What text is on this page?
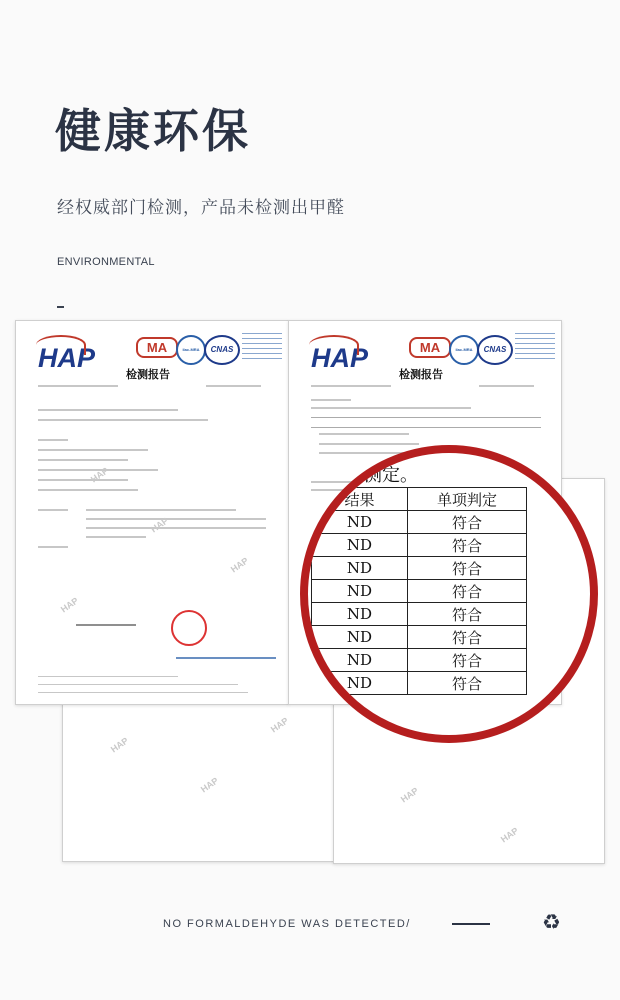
健康环保
经权威部门检测，产品未检测出甲醛
ENVIRONMENTAL
HAP	MA	ilac-MRA	CNAS
检测报告
HAP	MA	ilac-MRA	CNAS
检测报告
HAP
HAP
HAP
HAP
HAP
HAP
HAP
HAP
HAP
测定。
结果	单项判定
ND	符合
ND	符合
ND	符合
ND	符合
ND	符合
ND	符合
ND	符合
ND	符合
NO FORMALDEHYDE WAS DETECTED/	♻
